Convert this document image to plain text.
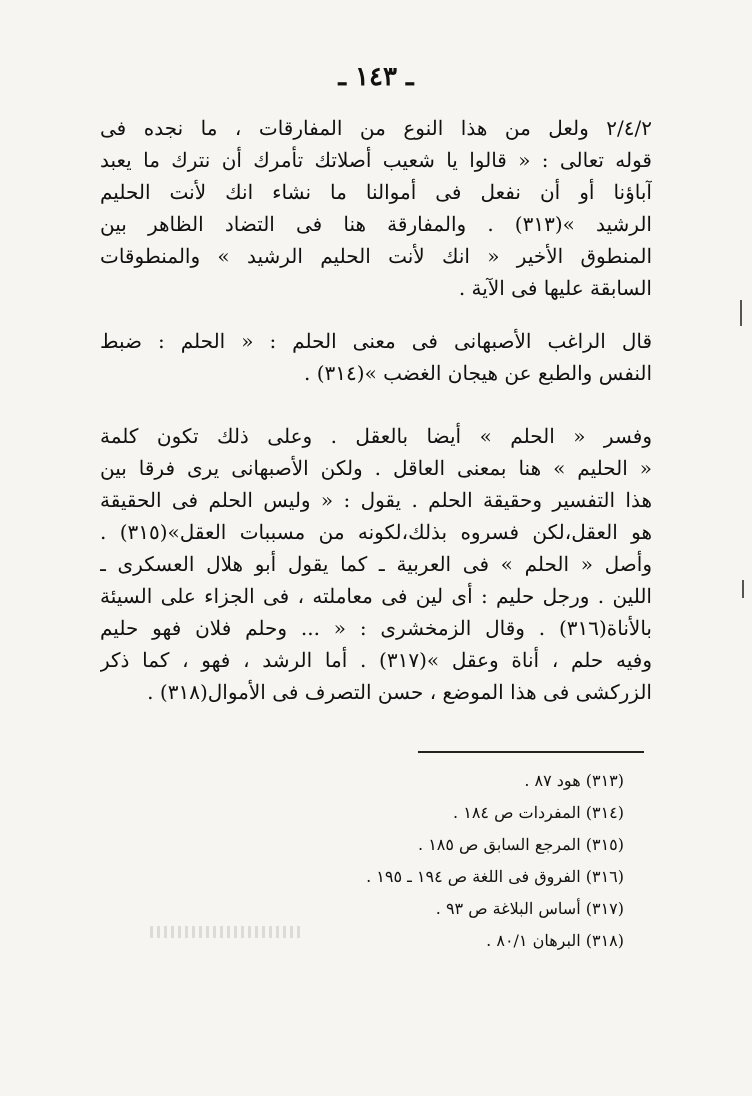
ـ ١٤٣ ـ
٢/٤/٢ ولعل من هذا النوع من المفارقات ، ما نجده فى
قوله تعالى : « قالوا يا شعيب أصلاتك تأمرك أن نترك ما يعبد
آباؤنا أو أن نفعل فى أموالنا ما نشاء انك لأنت الحليم
الرشيد »(٣١٣) . والمفارقة هنا فى التضاد الظاهر بين
المنطوق الأخير « انك لأنت الحليم الرشيد » والمنطوقات
السابقة عليها فى الآية .
قال الراغب الأصبهانى فى معنى الحلم : « الحلم : ضبط
النفس والطبع عن هيجان الغضب »(٣١٤) .
وفسر « الحلم » أيضا بالعقل . وعلى ذلك تكون كلمة
« الحليم » هنا بمعنى العاقل . ولكن الأصبهانى يرى فرقا بين
هذا التفسير وحقيقة الحلم . يقول : « وليس الحلم فى الحقيقة
هو العقل،لكن فسروه بذلك،لكونه من مسببات العقل»(٣١٥) .
وأصل « الحلم » فى العربية ـ كما يقول أبو هلال العسكرى ـ
اللين . ورجل حليم : أى لين فى معاملته ، فى الجزاء على السيئة
بالأناة(٣١٦) . وقال الزمخشرى : « ... وحلم فلان فهو حليم
وفيه حلم ، أناة وعقل »(٣١٧) . أما الرشد ، فهو ، كما ذكر
الزركشى فى هذا الموضع ، حسن التصرف فى الأموال(٣١٨) .
(٣١٣) هود ٨٧ .
(٣١٤) المفردات ص ١٨٤ .
(٣١٥) المرجع السابق ص ١٨٥ .
(٣١٦) الفروق فى اللغة ص ١٩٤ ـ ١٩٥ .
(٣١٧) أساس البلاغة ص ٩٣ .
(٣١٨) البرهان ٨٠/١ .
